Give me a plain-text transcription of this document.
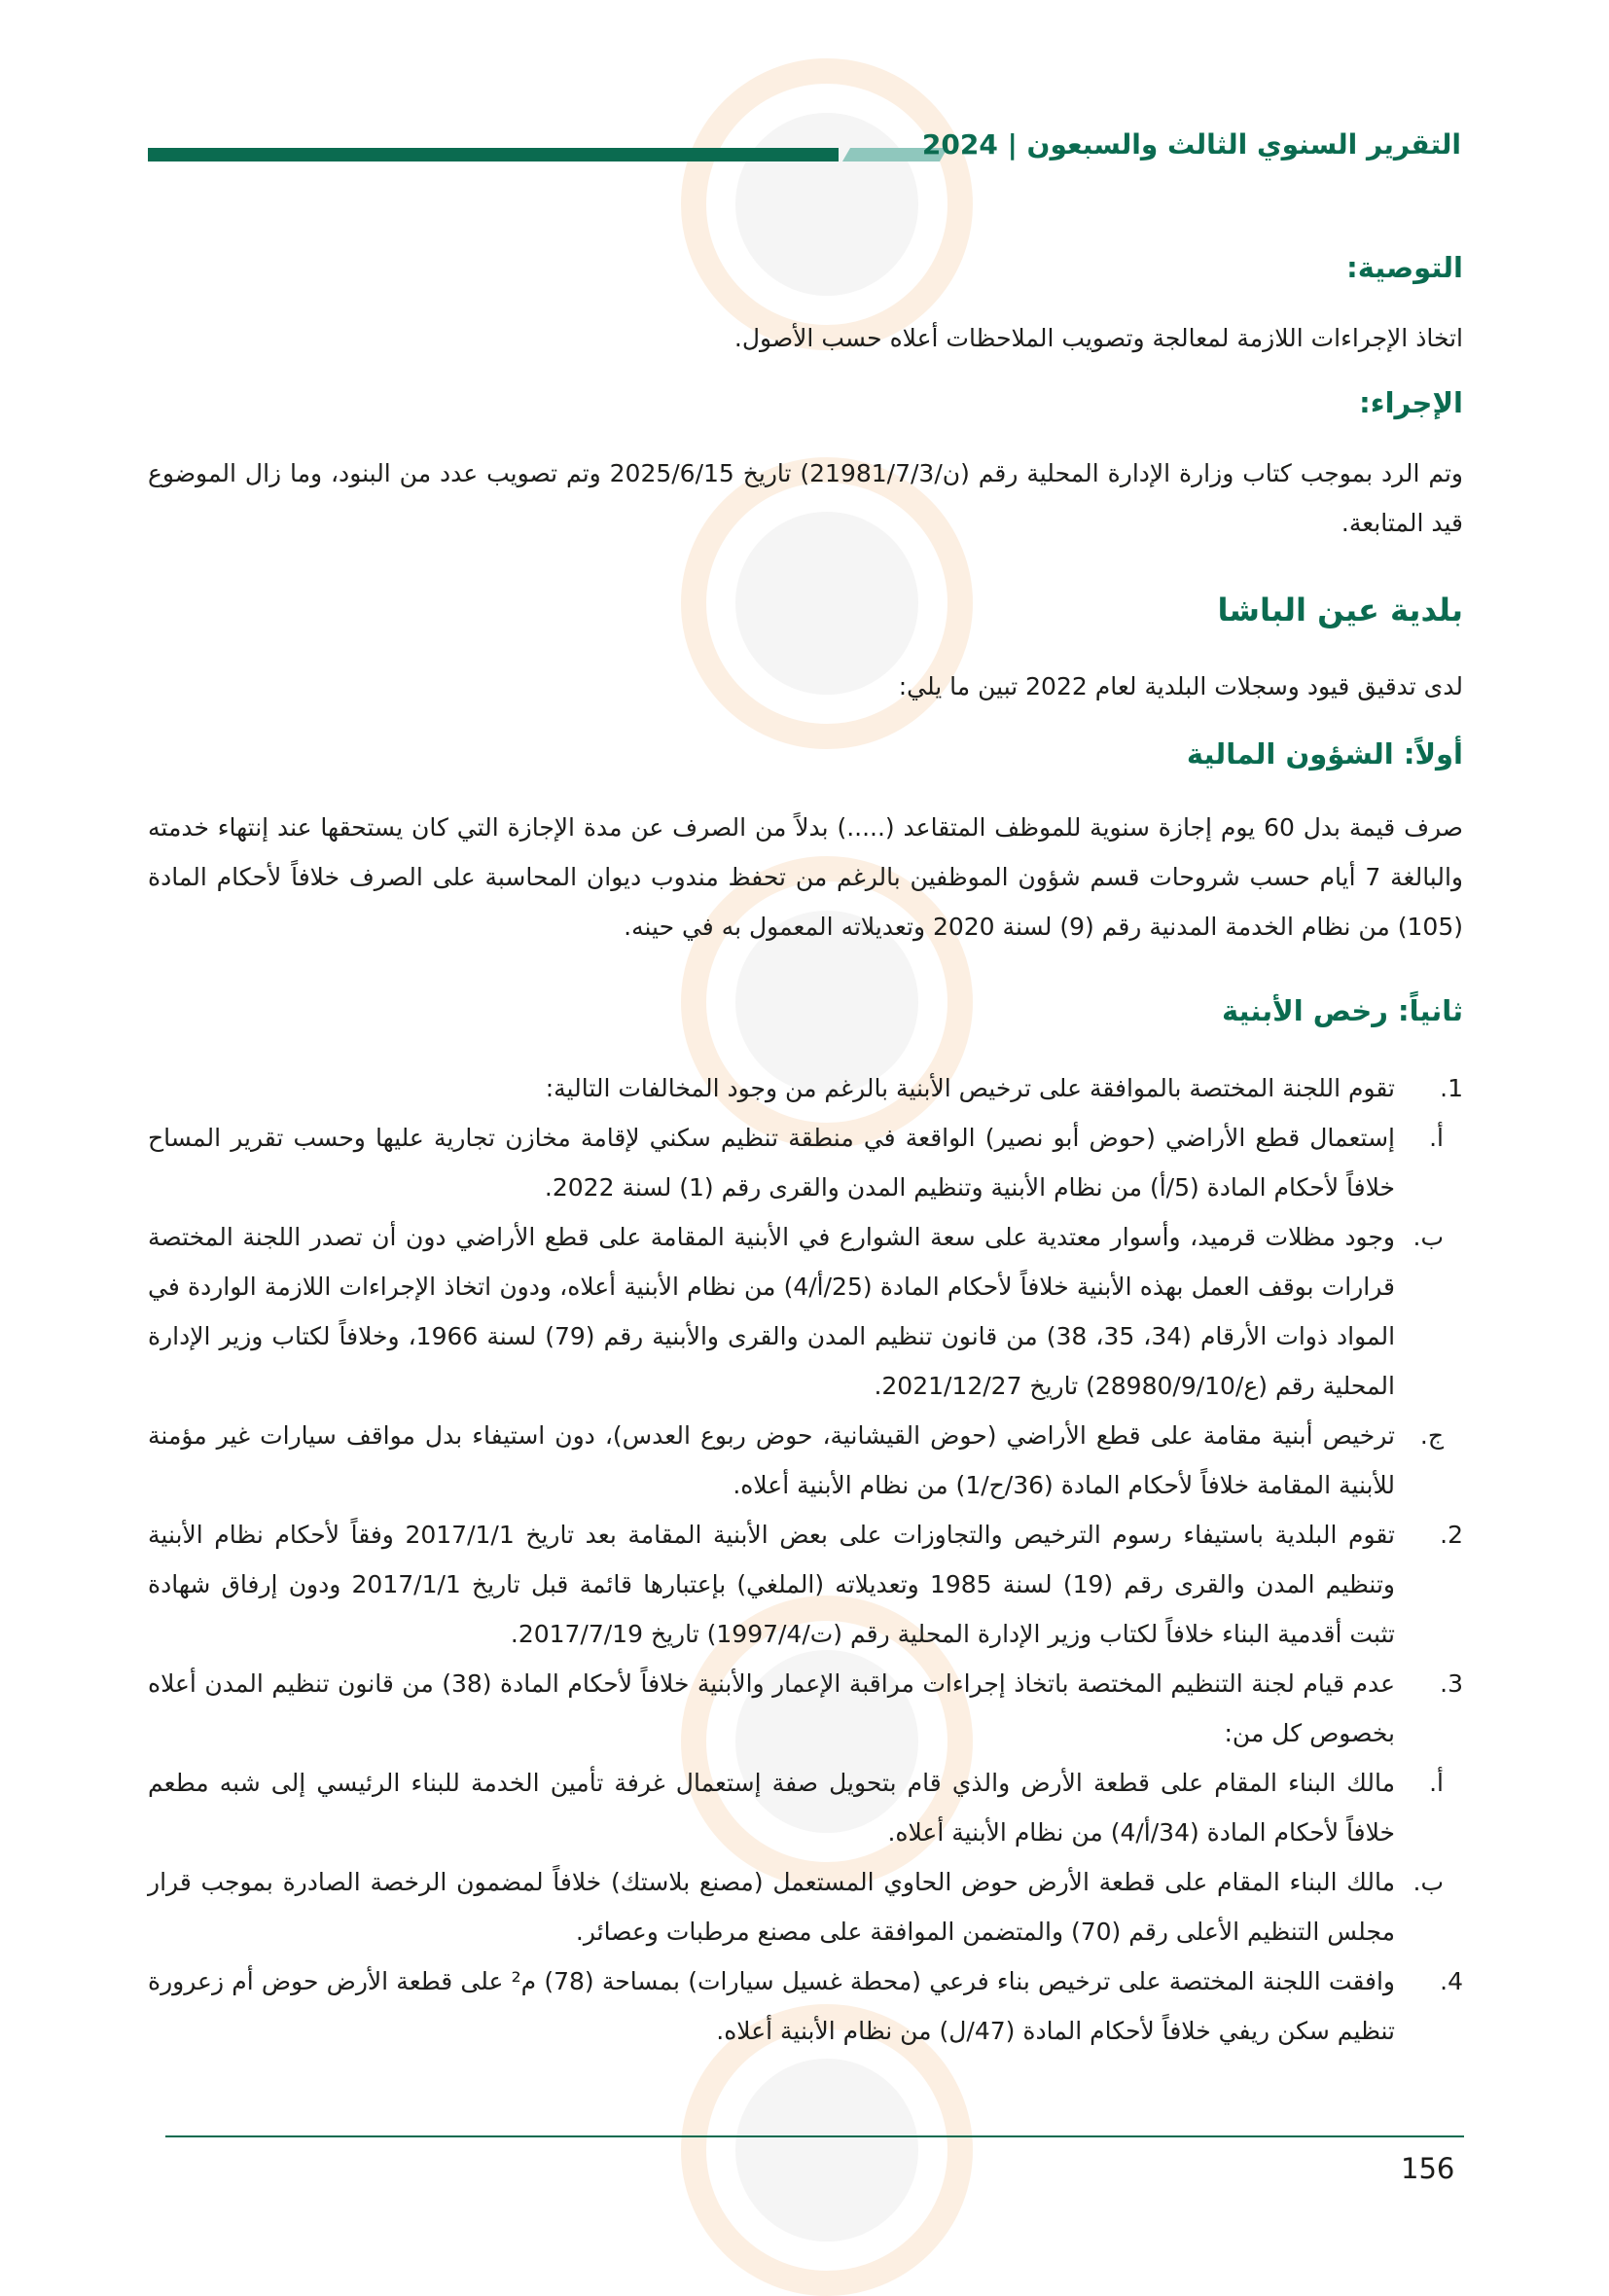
التقرير السنوي الثالث والسبعون | 2024
التوصية:
اتخاذ الإجراءات اللازمة لمعالجة وتصويب الملاحظات أعلاه حسب الأصول.
الإجراء:
وتم الرد بموجب كتاب وزارة الإدارة المحلية رقم (ن/21981/7/3) تاريخ 2025/6/15 وتم تصويب عدد من البنود، وما زال الموضوع قيد المتابعة.
بلدية عين الباشا
لدى تدقيق قيود وسجلات البلدية لعام 2022 تبين ما يلي:
أولاً: الشؤون المالية
صرف قيمة بدل 60 يوم إجازة سنوية للموظف المتقاعد (.....) بدلاً من الصرف عن مدة الإجازة التي كان يستحقها عند إنتهاء خدمته والبالغة 7 أيام حسب شروحات قسم شؤون الموظفين بالرغم من تحفظ مندوب ديوان المحاسبة على الصرف خلافاً لأحكام المادة (105) من نظام الخدمة المدنية رقم (9) لسنة 2020 وتعديلاته المعمول به في حينه.
ثانياً: رخص الأبنية
1.
تقوم اللجنة المختصة بالموافقة على ترخيص الأبنية بالرغم من وجود المخالفات التالية:
أ.
إستعمال قطع الأراضي (حوض أبو نصير) الواقعة في منطقة تنظيم سكني لإقامة مخازن تجارية عليها وحسب تقرير المساح خلافاً لأحكام المادة (5/أ) من نظام الأبنية وتنظيم المدن والقرى رقم (1) لسنة 2022.
ب.
وجود مظلات قرميد، وأسوار معتدية على سعة الشوارع في الأبنية المقامة على قطع الأراضي دون أن تصدر اللجنة المختصة قرارات بوقف العمل بهذه الأبنية خلافاً لأحكام المادة (25/أ/4) من نظام الأبنية أعلاه، ودون اتخاذ الإجراءات اللازمة الواردة في المواد ذوات الأرقام (34، 35، 38) من قانون تنظيم المدن والقرى والأبنية رقم (79) لسنة 1966، وخلافاً لكتاب وزير الإدارة المحلية رقم (ع/28980/9/10) تاريخ 2021/12/27.
ج.
ترخيص أبنية مقامة على قطع الأراضي (حوض القيشانية، حوض ربوع العدس)، دون استيفاء بدل مواقف سيارات غير مؤمنة للأبنية المقامة خلافاً لأحكام المادة (36/ح/1) من نظام الأبنية أعلاه.
2.
تقوم البلدية باستيفاء رسوم الترخيص والتجاوزات على بعض الأبنية المقامة بعد تاريخ 2017/1/1 وفقاً لأحكام نظام الأبنية وتنظيم المدن والقرى رقم (19) لسنة 1985 وتعديلاته (الملغي) بإعتبارها قائمة قبل تاريخ 2017/1/1 ودون إرفاق شهادة تثبت أقدمية البناء خلافاً لكتاب وزير الإدارة المحلية رقم (ت/1997/4) تاريخ 2017/7/19.
3.
عدم قيام لجنة التنظيم المختصة باتخاذ إجراءات مراقبة الإعمار والأبنية خلافاً لأحكام المادة (38) من قانون تنظيم المدن أعلاه بخصوص كل من:
أ.
مالك البناء المقام على قطعة الأرض والذي قام بتحويل صفة إستعمال غرفة تأمين الخدمة للبناء الرئيسي إلى شبه مطعم خلافاً لأحكام المادة (34/أ/4) من نظام الأبنية أعلاه.
ب.
مالك البناء المقام على قطعة الأرض حوض الحاوي المستعمل (مصنع بلاستك) خلافاً لمضمون الرخصة الصادرة بموجب قرار مجلس التنظيم الأعلى رقم (70) والمتضمن الموافقة على مصنع مرطبات وعصائر.
4.
وافقت اللجنة المختصة على ترخيص بناء فرعي (محطة غسيل سيارات) بمساحة (78) م² على قطعة الأرض حوض أم زعرورة تنظيم سكن ريفي خلافاً لأحكام المادة (47/ل) من نظام الأبنية أعلاه.
156
